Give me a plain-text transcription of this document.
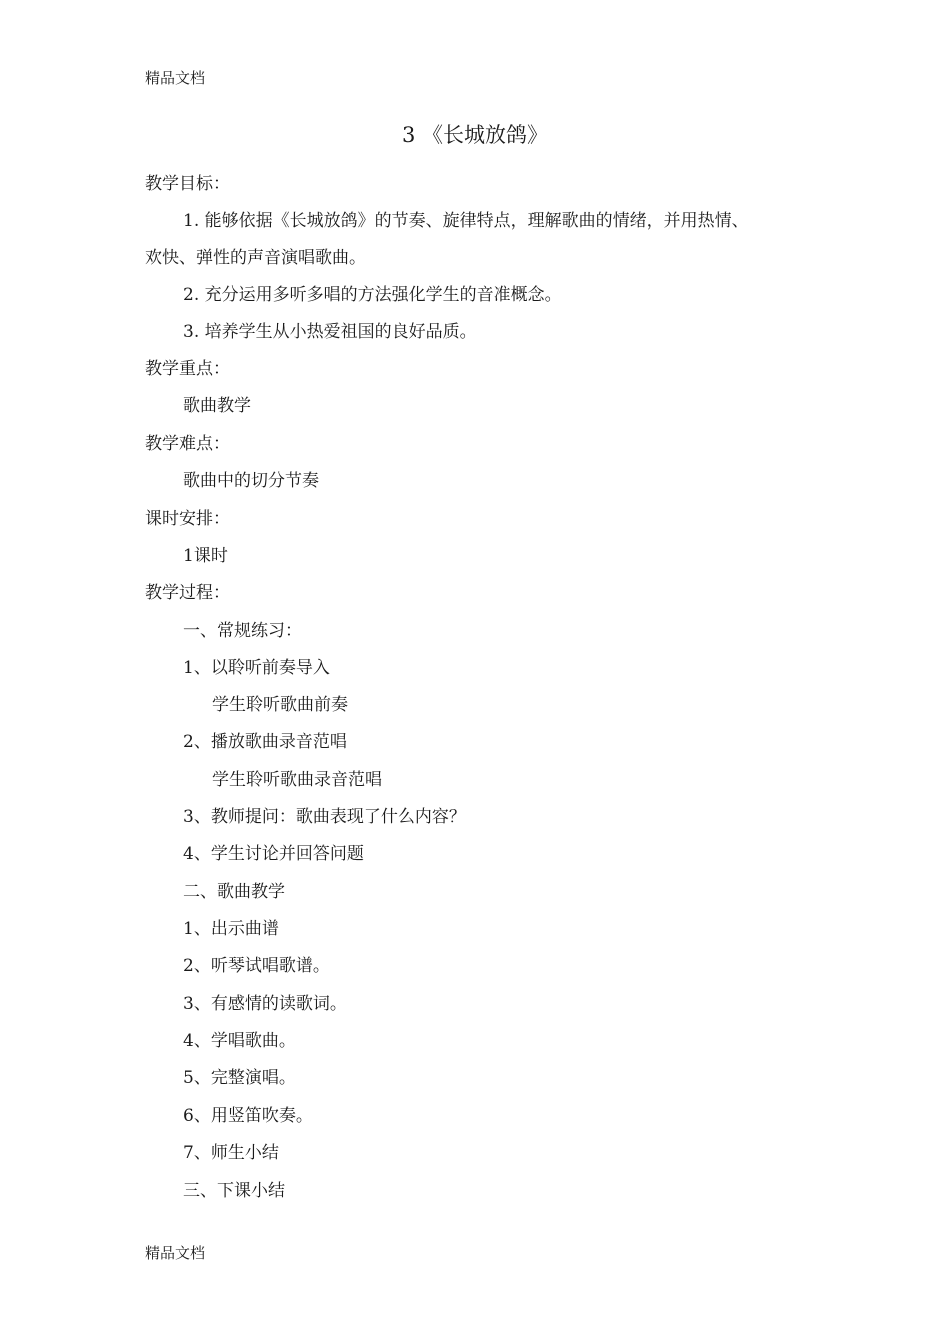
精品文档
3 《长城放鸽》
教学目标：
1. 能够依据《长城放鸽》的节奏、旋律特点，理解歌曲的情绪，并用热情、
欢快、弹性的声音演唱歌曲。
2. 充分运用多听多唱的方法强化学生的音准概念。
3. 培养学生从小热爱祖国的良好品质。
教学重点：
歌曲教学
教学难点：
歌曲中的切分节奏
课时安排：
1课时
教学过程：
一、常规练习：
1、以聆听前奏导入
学生聆听歌曲前奏
2、播放歌曲录音范唱
学生聆听歌曲录音范唱
3、教师提问：歌曲表现了什么内容？
4、学生讨论并回答问题
二、歌曲教学
1、出示曲谱
2、听琴试唱歌谱。
3、有感情的读歌词。
4、学唱歌曲。
5、完整演唱。
6、用竖笛吹奏。
7、师生小结
三、下课小结
精品文档
